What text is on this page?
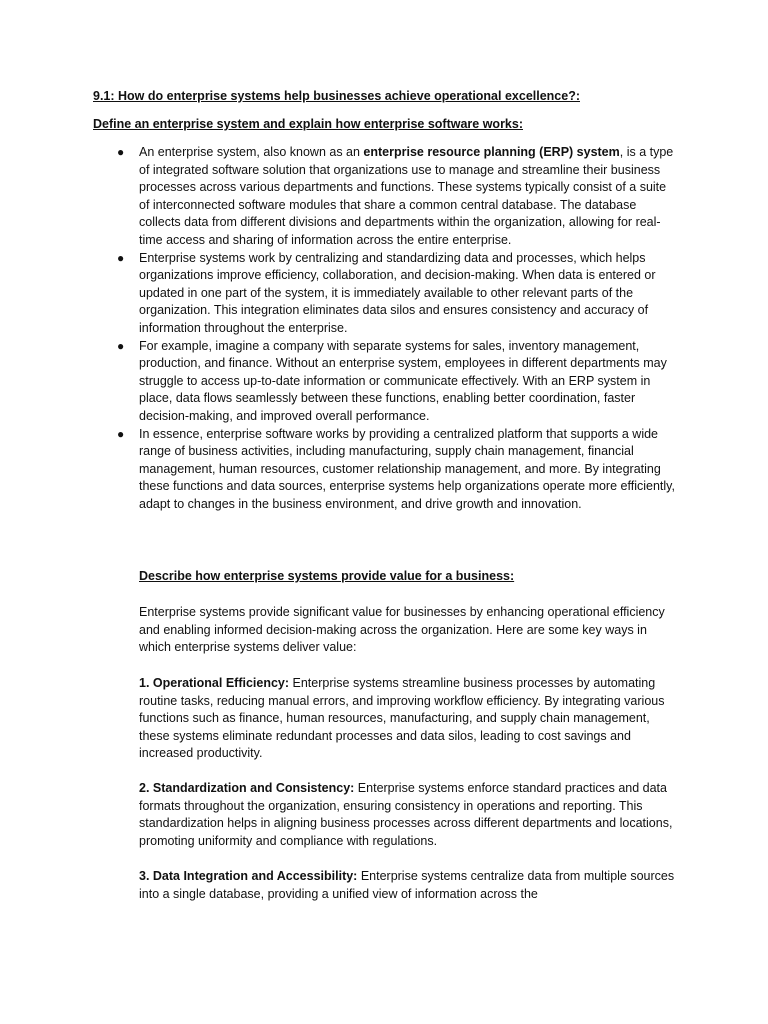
9.1: How do enterprise systems help businesses achieve operational excellence?:
Define an enterprise system and explain how enterprise software works:
● An enterprise system, also known as an enterprise resource planning (ERP) system, is a type of integrated software solution that organizations use to manage and streamline their business processes across various departments and functions. These systems typically consist of a suite of interconnected software modules that share a common central database. The database collects data from different divisions and departments within the organization, allowing for real-time access and sharing of information across the entire enterprise.
● Enterprise systems work by centralizing and standardizing data and processes, which helps organizations improve efficiency, collaboration, and decision-making. When data is entered or updated in one part of the system, it is immediately available to other relevant parts of the organization. This integration eliminates data silos and ensures consistency and accuracy of information throughout the enterprise.
● For example, imagine a company with separate systems for sales, inventory management, production, and finance. Without an enterprise system, employees in different departments may struggle to access up-to-date information or communicate effectively. With an ERP system in place, data flows seamlessly between these functions, enabling better coordination, faster decision-making, and improved overall performance.
● In essence, enterprise software works by providing a centralized platform that supports a wide range of business activities, including manufacturing, supply chain management, financial management, human resources, customer relationship management, and more. By integrating these functions and data sources, enterprise systems help organizations operate more efficiently, adapt to changes in the business environment, and drive growth and innovation.
Describe how enterprise systems provide value for a business:
Enterprise systems provide significant value for businesses by enhancing operational efficiency and enabling informed decision-making across the organization. Here are some key ways in which enterprise systems deliver value:
1. Operational Efficiency: Enterprise systems streamline business processes by automating routine tasks, reducing manual errors, and improving workflow efficiency. By integrating various functions such as finance, human resources, manufacturing, and supply chain management, these systems eliminate redundant processes and data silos, leading to cost savings and increased productivity.
2. Standardization and Consistency: Enterprise systems enforce standard practices and data formats throughout the organization, ensuring consistency in operations and reporting. This standardization helps in aligning business processes across different departments and locations, promoting uniformity and compliance with regulations.
3. Data Integration and Accessibility: Enterprise systems centralize data from multiple sources into a single database, providing a unified view of information across the
